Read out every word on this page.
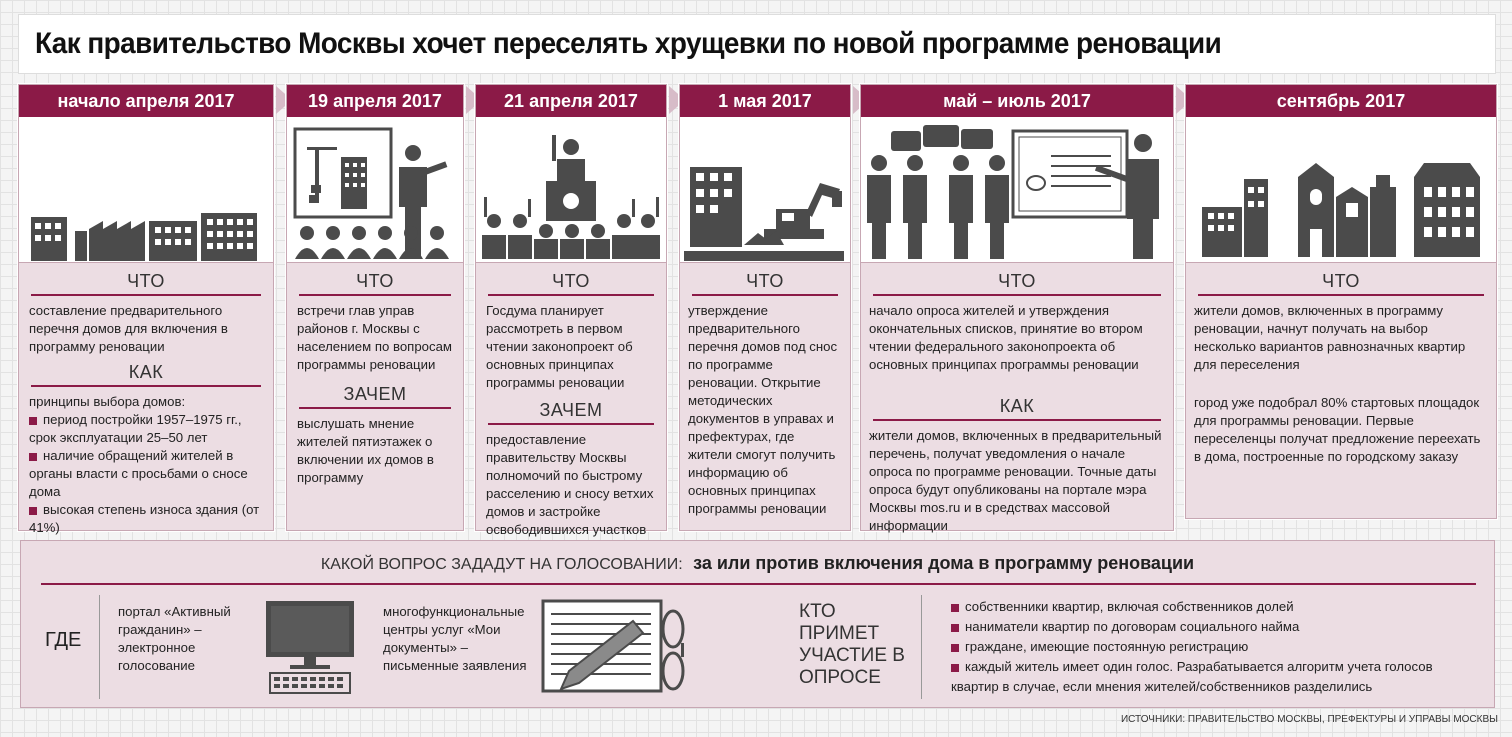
Как правительство Москвы хочет переселять хрущевки по новой программе реновации
начало апреля 2017
ЧТО
составление предварительного перечня домов для включения в программу реновации
КАК
принципы выбора домов:
период постройки 1957–1975 гг., срок эксплуатации 25–50 лет
наличие обращений жителей в органы власти с просьбами о сносе дома
высокая степень износа здания (от 41%)
19 апреля 2017
ЧТО
встречи глав управ районов г. Москвы с населением по вопросам программы реновации
ЗАЧЕМ
выслушать мнение жителей пятиэтажек о включении их домов в программу
21 апреля 2017
ЧТО
Госдума планирует рассмотреть в первом чтении законопроект об основных принципах программы реновации
ЗАЧЕМ
предоставление правительству Москвы полномочий по быстрому расселению и сносу ветхих домов и застройке освободившихся участков
1 мая 2017
ЧТО
утверждение предварительного перечня домов под снос по программе реновации. Открытие методических документов в управах и префектурах, где жители смогут получить информацию об основных принципах программы реновации
май – июль 2017
ЧТО
начало опроса жителей и утверждения окончательных списков, принятие во втором чтении федерального законопроекта об основных принципах программы реновации
КАК
жители домов, включенных в предварительный перечень, получат уведомления о начале опроса по программе реновации. Точные даты опроса будут опубликованы на портале мэра Москвы mos.ru и в средствах массовой информации
сентябрь 2017
ЧТО
жители домов, включенных в программу реновации, начнут получать на выбор несколько вариантов равнозначных квартир для переселения
город уже подобрал 80% стартовых площадок для программы реновации. Первые переселенцы получат предложение переехать в дома, построенные по городскому заказу
КАКОЙ ВОПРОС ЗАДАДУТ НА ГОЛОСОВАНИИ: за или против включения дома в программу реновации
ГДЕ
портал «Активный гражданин» – электронное голосование
многофункциональные центры услуг «Мои документы» – письменные заявления
КТО ПРИМЕТ УЧАСТИЕ В ОПРОСЕ
собственники квартир, включая собственников долей
наниматели квартир по договорам социального найма
граждане, имеющие постоянную регистрацию
каждый житель имеет один голос. Разрабатывается алгоритм учета голосов квартир в случае, если мнения жителей/собственников разделились
ИСТОЧНИКИ: ПРАВИТЕЛЬСТВО МОСКВЫ, ПРЕФЕКТУРЫ И УПРАВЫ МОСКВЫ
